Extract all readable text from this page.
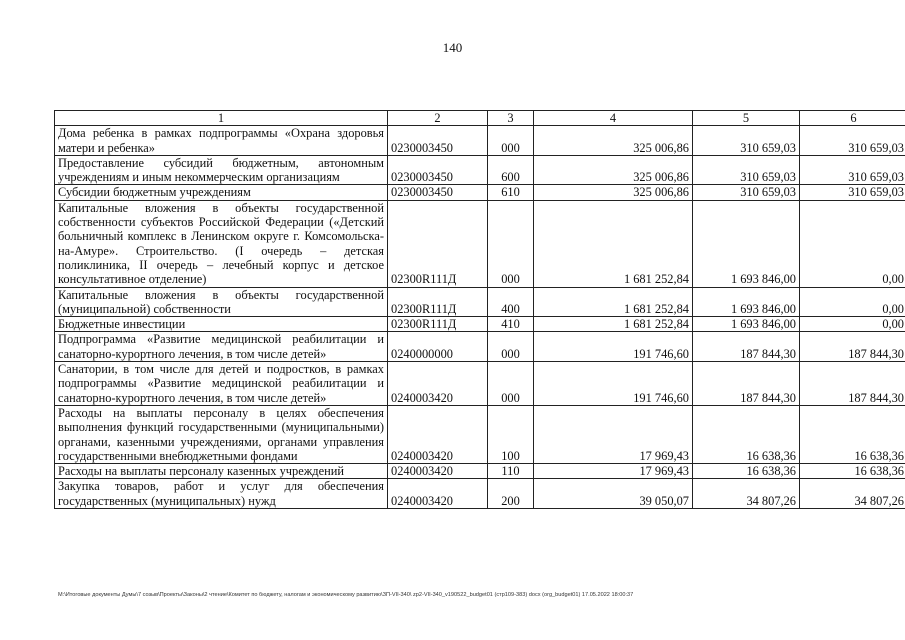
140
1	2	3	4	5	6
Дома ребенка в рамках подпрограммы «Охрана здоровья матери и ребенка»	0230003450	000	325 006,86	310 659,03	310 659,03
Предоставление субсидий бюджетным, автономным учреждениям и иным некоммерческим организациям	0230003450	600	325 006,86	310 659,03	310 659,03
Субсидии бюджетным учреждениям	0230003450	610	325 006,86	310 659,03	310 659,03
Капитальные вложения в объекты государственной собственности субъектов Российской Федерации («Детский больничный комплекс в Ленинском округе г. Комсомольска-на-Амуре». Строительство. (I очередь – детская поликлиника, II очередь – лечебный корпус и детское консультативное отделение)	02300R111Д	000	1 681 252,84	1 693 846,00	0,00
Капитальные вложения в объекты государственной (муниципальной) собственности	02300R111Д	400	1 681 252,84	1 693 846,00	0,00
Бюджетные инвестиции	02300R111Д	410	1 681 252,84	1 693 846,00	0,00
Подпрограмма «Развитие медицинской реабилитации и санаторно-курортного лечения, в том числе детей»	0240000000	000	191 746,60	187 844,30	187 844,30
Санатории, в том числе для детей и подростков, в рамках подпрограммы «Развитие медицинской реабилитации и санаторно-курортного лечения, в том числе детей»	0240003420	000	191 746,60	187 844,30	187 844,30
Расходы на выплаты персоналу в целях обеспечения выполнения функций государственными (муниципальными) органами, казенными учреждениями, органами управления государственными внебюджетными фондами	0240003420	100	17 969,43	16 638,36	16 638,36
Расходы на выплаты персоналу казенных учреждений	0240003420	110	17 969,43	16 638,36	16 638,36
Закупка товаров, работ и услуг для обеспечения государственных (муниципальных) нужд	0240003420	200	39 050,07	34 807,26	34 807,26
M:\Итоговые документы Думы\7 созыв\Проекты\Законы\2 чтение\Комитет по бюджету, налогам и экономическому развитию\ЗП-VII-340\ zp2-VII-340_v190522_budget01 (стр109-383) docx (org_budget01) 17.05.2022 18:00:37
